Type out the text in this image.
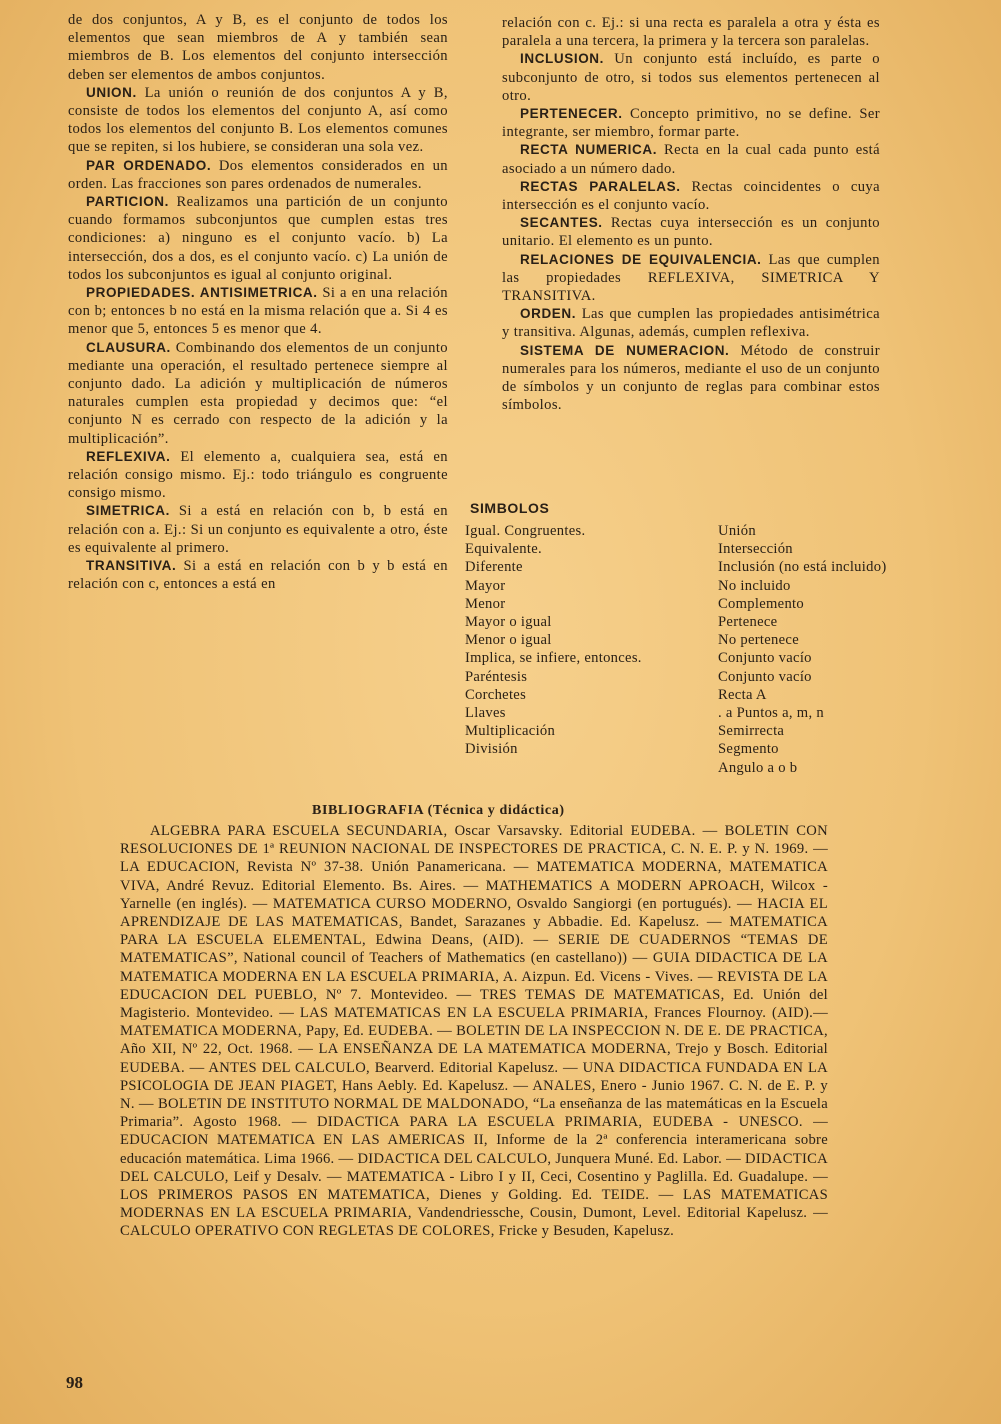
de dos conjuntos, A y B, es el conjunto de todos los elementos que sean miembros de A y también sean miembros de B. Los elementos del conjunto intersección deben ser elementos de ambos conjuntos.

UNION. La unión o reunión de dos conjuntos A y B, consiste de todos los elementos del conjunto A, así como todos los elementos del conjunto B. Los elementos comunes que se repiten, si los hubiere, se consideran una sola vez.

PAR ORDENADO. Dos elementos considerados en un orden. Las fracciones son pares ordenados de numerales.

PARTICION. Realizamos una partición de un conjunto cuando formamos subconjuntos que cumplen estas tres condiciones: a) ninguno es el conjunto vacío. b) La intersección, dos a dos, es el conjunto vacío. c) La unión de todos los subconjuntos es igual al conjunto original.

PROPIEDADES. ANTISIMETRICA. Si a en una relación con b; entonces b no está en la misma relación que a. Si 4 es menor que 5, entonces 5 es menor que 4.

CLAUSURA. Combinando dos elementos de un conjunto mediante una operación, el resultado pertenece siempre al conjunto dado. La adición y multiplicación de números naturales cumplen esta propiedad y decimos que: “el conjunto N es cerrado con respecto de la adición y la multiplicación”.

REFLEXIVA. El elemento a, cualquiera sea, está en relación consigo mismo. Ej.: todo triángulo es congruente consigo mismo.

SIMETRICA. Si a está en relación con b, b está en relación con a. Ej.: Si un conjunto es equivalente a otro, éste es equivalente al primero.

TRANSITIVA. Si a está en relación con b y b está en relación con c, entonces a está en

relación con c. Ej.: si una recta es paralela a otra y ésta es paralela a una tercera, la primera y la tercera son paralelas.

INCLUSION. Un conjunto está incluído, es parte o subconjunto de otro, si todos sus elementos pertenecen al otro.

PERTENECER. Concepto primitivo, no se define. Ser integrante, ser miembro, formar parte.

RECTA NUMERICA. Recta en la cual cada punto está asociado a un número dado.

RECTAS PARALELAS. Rectas coincidentes o cuya intersección es el conjunto vacío.

SECANTES. Rectas cuya intersección es un conjunto unitario. El elemento es un punto.

RELACIONES DE EQUIVALENCIA. Las que cumplen las propiedades REFLEXIVA, SIMETRICA Y TRANSITIVA.

ORDEN. Las que cumplen las propiedades antisimétrica y transitiva. Algunas, además, cumplen reflexiva.

SISTEMA DE NUMERACION. Método de construir numerales para los números, mediante el uso de un conjunto de símbolos y un conjunto de reglas para combinar estos símbolos.

SIMBOLOS
Igual. Congruentes.
Equivalente.
Diferente
Mayor
Menor
Mayor o igual
Menor o igual
Implica, se infiere, entonces.
Paréntesis
Corchetes
Llaves
Multiplicación
División
Unión
Intersección
Inclusión (no está incluido)
No incluido
Complemento
Pertenece
No pertenece
Conjunto vacío
Conjunto vacío
Recta A
. a Puntos a, m, n
Semirrecta
Segmento
Angulo a o b
BIBLIOGRAFIA (Técnica y didáctica)

ALGEBRA PARA ESCUELA SECUNDARIA, Oscar Varsavsky. Editorial EUDEBA. — BOLETIN CON RESOLUCIONES DE 1ª REUNION NACIONAL DE INSPECTORES DE PRACTICA, C. N. E. P. y N. 1969. — LA EDUCACION, Revista Nº 37-38. Unión Panamericana. — MATEMATICA MODERNA, MATEMATICA VIVA, André Revuz. Editorial Elemento. Bs. Aires. — MATHEMATICS A MODERN APROACH, Wilcox - Yarnelle (en inglés). — MATEMATICA CURSO MODERNO, Osvaldo Sangiorgi (en portugués). — HACIA EL APRENDIZAJE DE LAS MATEMATICAS, Bandet, Sarazanes y Abbadie. Ed. Kapelusz. — MATEMATICA PARA LA ESCUELA ELEMENTAL, Edwina Deans, (AID). — SERIE DE CUADERNOS “TEMAS DE MATEMATICAS”, National council of Teachers of Mathematics (en castellano)) — GUIA DIDACTICA DE LA MATEMATICA MODERNA EN LA ESCUELA PRIMARIA, A. Aizpun. Ed. Vicens - Vives. — REVISTA DE LA EDUCACION DEL PUEBLO, Nº 7. Montevideo. — TRES TEMAS DE MATEMATICAS, Ed. Unión del Magisterio. Montevideo. — LAS MATEMATICAS EN LA ESCUELA PRIMARIA, Frances Flournoy. (AID).— MATEMATICA MODERNA, Papy, Ed. EUDEBA. — BOLETIN DE LA INSPECCION N. DE E. DE PRACTICA, Año XII, Nº 22, Oct. 1968. — LA ENSEÑANZA DE LA MATEMATICA MODERNA, Trejo y Bosch. Editorial EUDEBA. — ANTES DEL CALCULO, Bearverd. Editorial Kapelusz. — UNA DIDACTICA FUNDADA EN LA PSICOLOGIA DE JEAN PIAGET, Hans Aebly. Ed. Kapelusz. — ANALES, Enero - Junio 1967. C. N. de E. P. y N. — BOLETIN DE INSTITUTO NORMAL DE MALDONADO, “La enseñanza de las matemáticas en la Escuela Primaria”. Agosto 1968. — DIDACTICA PARA LA ESCUELA PRIMARIA, EUDEBA - UNESCO. — EDUCACION MATEMATICA EN LAS AMERICAS II, Informe de la 2ª conferencia interamericana sobre educación matemática. Lima 1966. — DIDACTICA DEL CALCULO, Junquera Muné. Ed. Labor. — DIDACTICA DEL CALCULO, Leif y Desalv. — MATEMATICA - Libro I y II, Ceci, Cosentino y Paglilla. Ed. Guadalupe. — LOS PRIMEROS PASOS EN MATEMATICA, Dienes y Golding. Ed. TEIDE. — LAS MATEMATICAS MODERNAS EN LA ESCUELA PRIMARIA, Vandendriessche, Cousin, Dumont, Level. Editorial Kapelusz. — CALCULO OPERATIVO CON REGLETAS DE COLORES, Fricke y Besuden, Kapelusz.

98
